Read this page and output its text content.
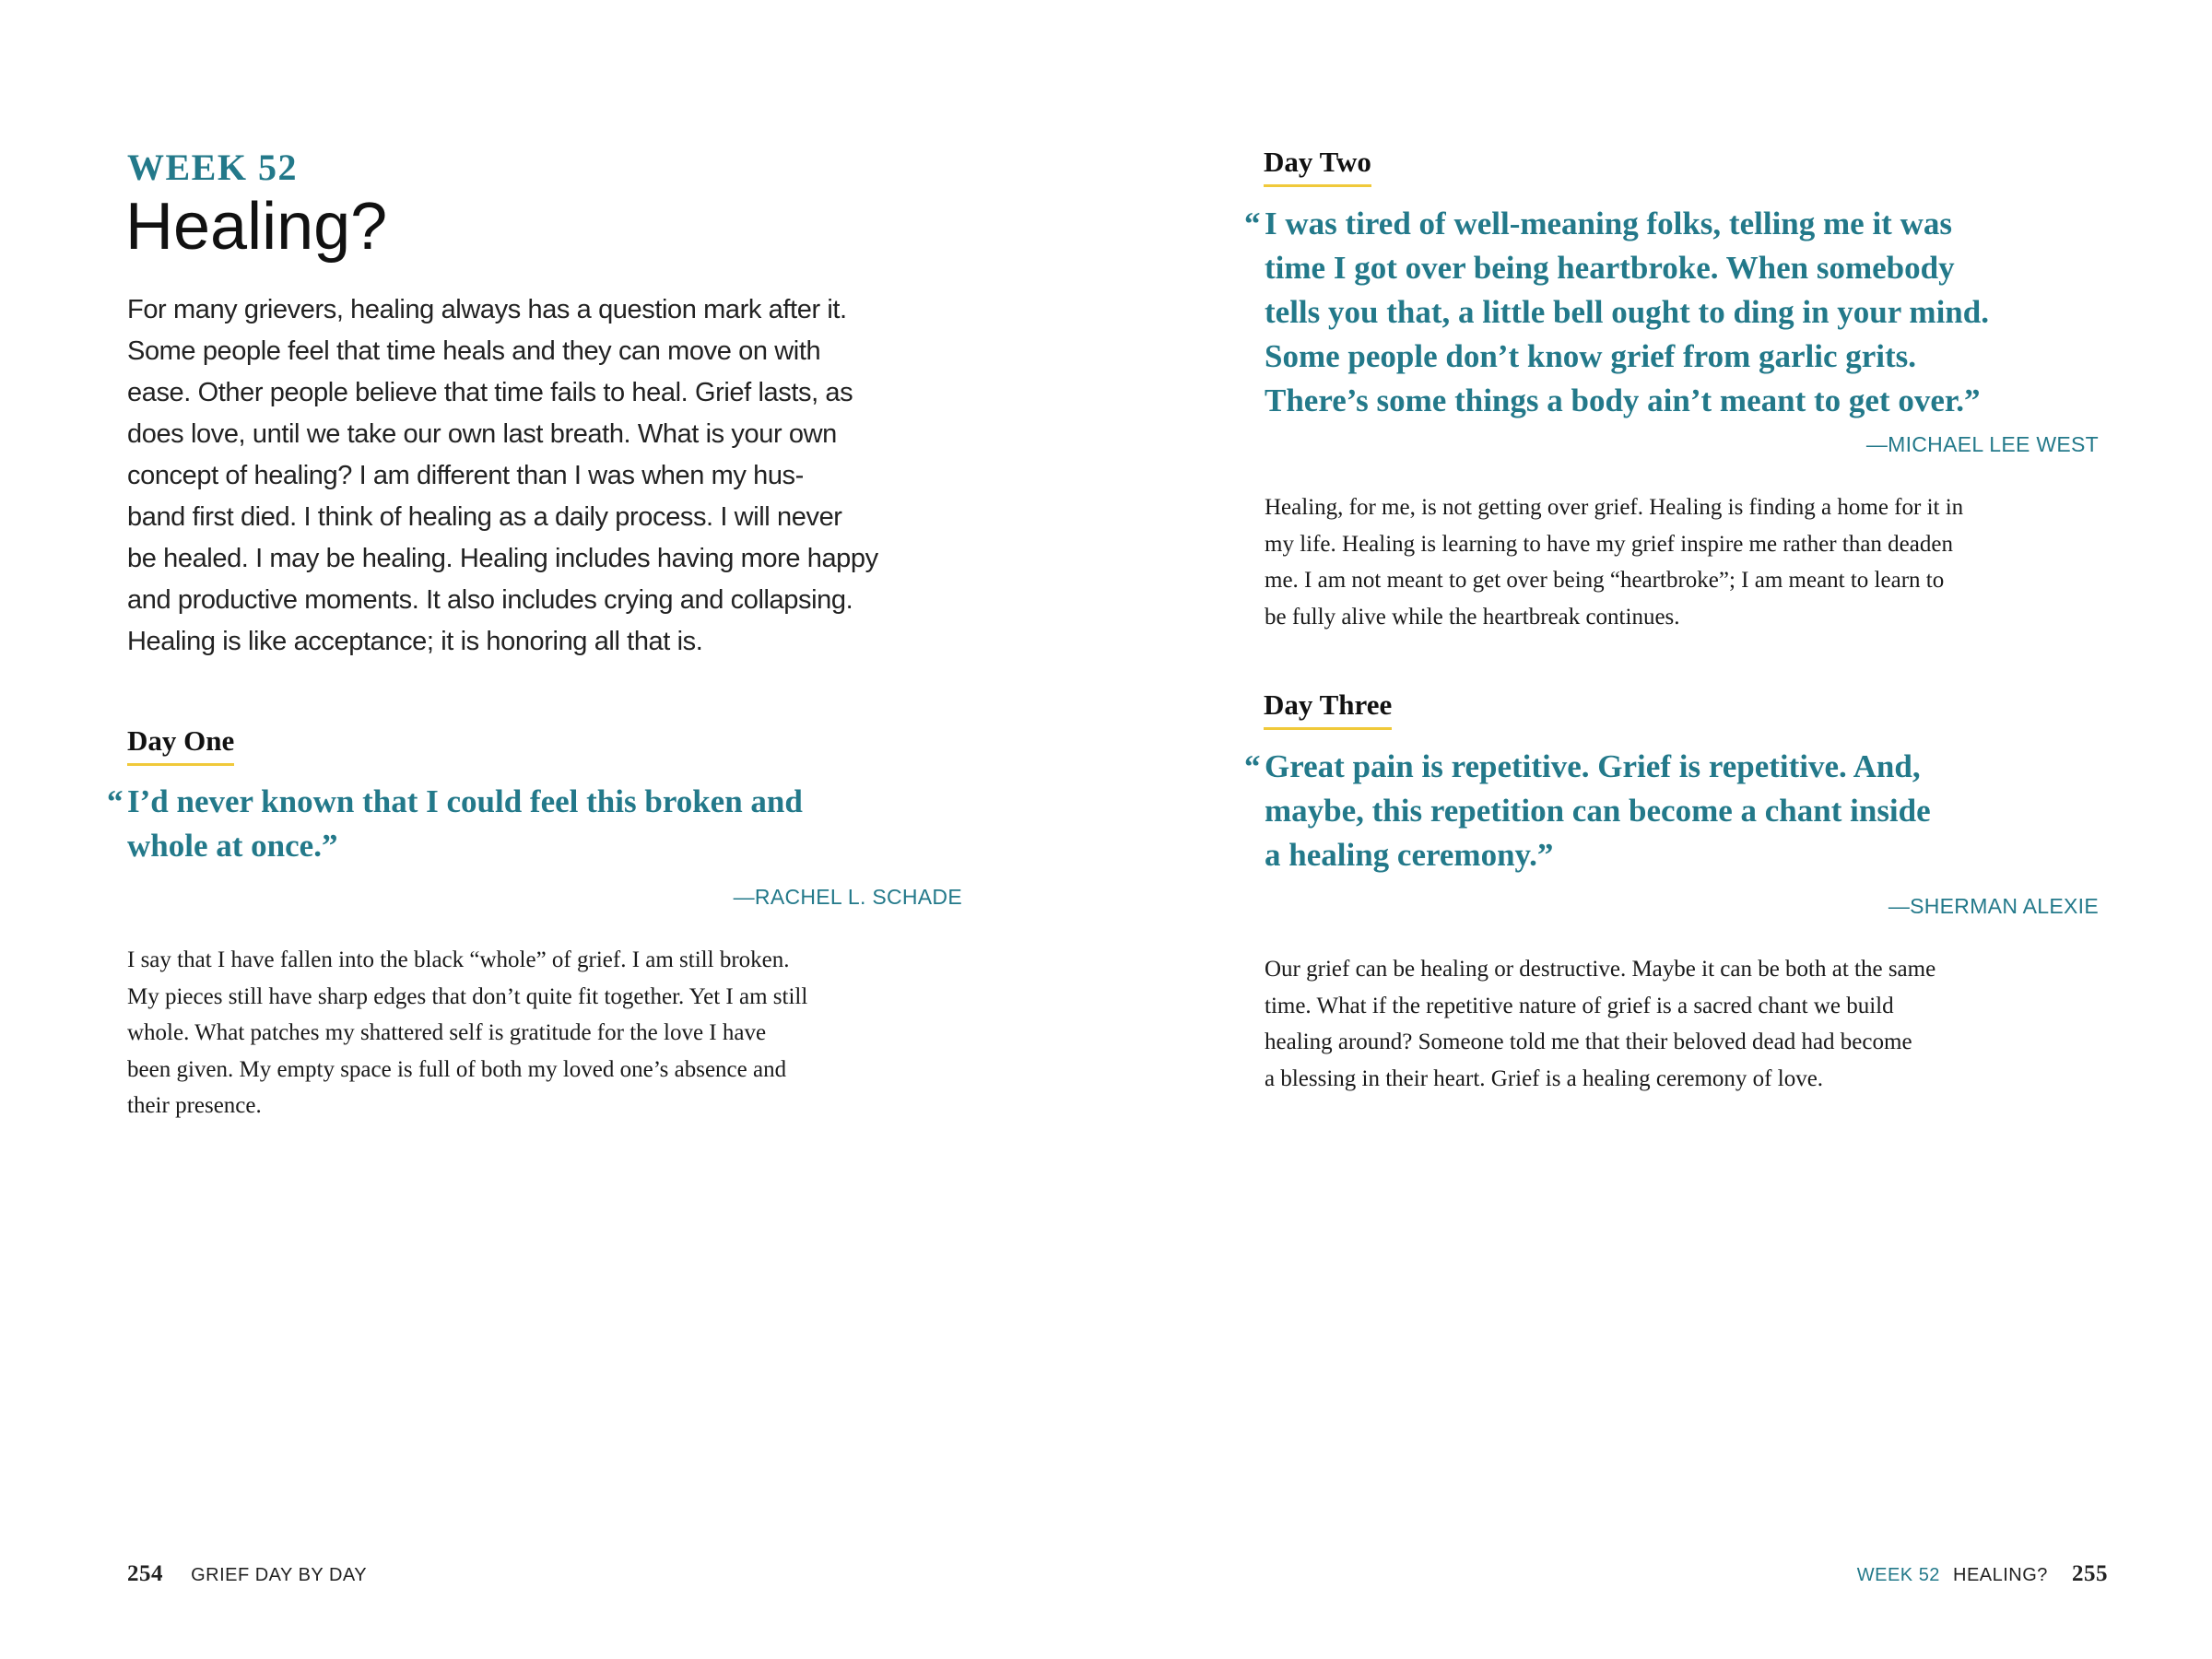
WEEK 52
Healing?
For many grievers, healing always has a question mark after it.
Some people feel that time heals and they can move on with
ease. Other people believe that time fails to heal. Grief lasts, as
does love, until we take our own last breath. What is your own
concept of healing? I am different than I was when my hus-
band first died. I think of healing as a daily process. I will never
be healed. I may be healing. Healing includes having more happy
and productive moments. It also includes crying and collapsing.
Healing is like acceptance; it is honoring all that is.
Day One
“ I’d never known that I could feel this broken and
whole at once.”
—RACHEL L. SCHADE
I say that I have fallen into the black “whole” of grief. I am still broken.
My pieces still have sharp edges that don’t quite fit together. Yet I am still
whole. What patches my shattered self is gratitude for the love I have
been given. My empty space is full of both my loved one’s absence and
their presence.
254 GRIEF DAY BY DAY
Day Two
“ I was tired of well-meaning folks, telling me it was
time I got over being heartbroke. When somebody
tells you that, a little bell ought to ding in your mind.
Some people don’t know grief from garlic grits.
There’s some things a body ain’t meant to get over.”
—MICHAEL LEE WEST
Healing, for me, is not getting over grief. Healing is finding a home for it in
my life. Healing is learning to have my grief inspire me rather than deaden
me. I am not meant to get over being “heartbroke”; I am meant to learn to
be fully alive while the heartbreak continues.
Day Three
“ Great pain is repetitive. Grief is repetitive. And,
maybe, this repetition can become a chant inside
a healing ceremony.”
—SHERMAN ALEXIE
Our grief can be healing or destructive. Maybe it can be both at the same
time. What if the repetitive nature of grief is a sacred chant we build
healing around? Someone told me that their beloved dead had become
a blessing in their heart. Grief is a healing ceremony of love.
WEEK 52 HEALING? 255
